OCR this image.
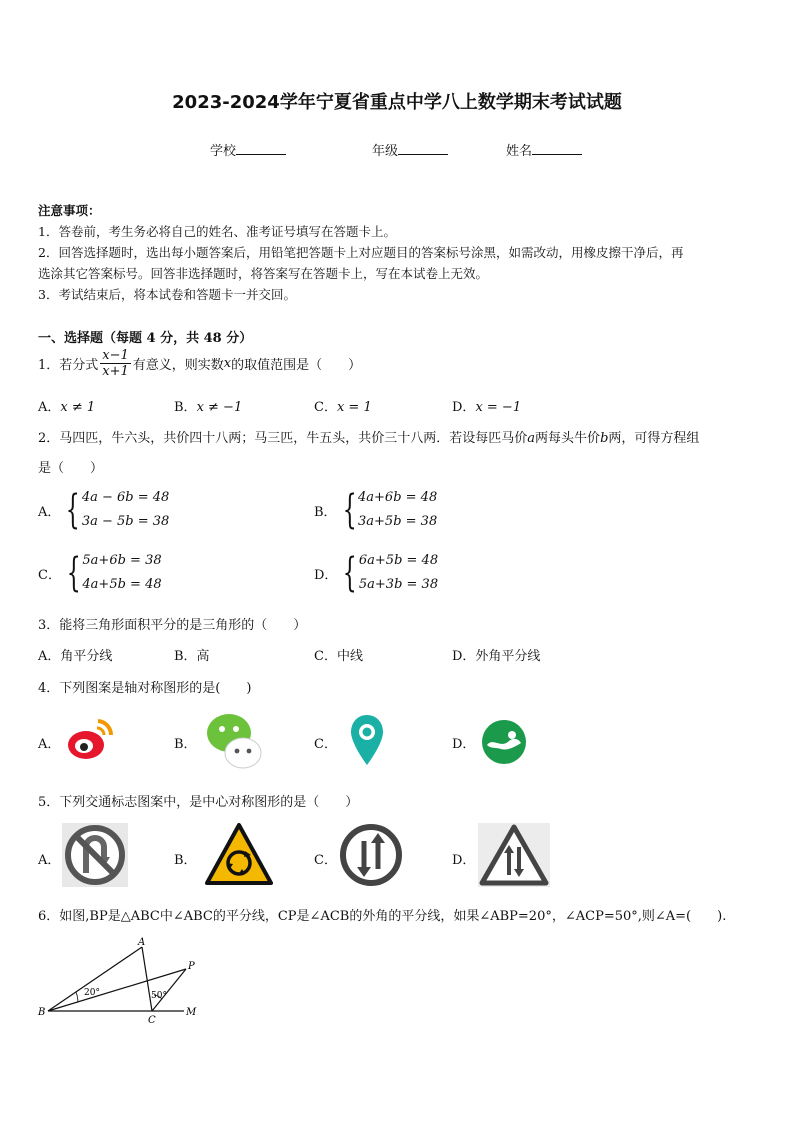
2023-2024学年宁夏省重点中学八上数学期末考试试题
学校	年级	姓名
注意事项：
1．答卷前，考生务必将自己的姓名、准考证号填写在答题卡上。
2．回答选择题时，选出每小题答案后，用铅笔把答题卡上对应题目的答案标号涂黑，如需改动，用橡皮擦干净后，再
选涂其它答案标号。回答非选择题时，将答案写在答题卡上，写在本试卷上无效。
3．考试结束后，将本试卷和答题卡一并交回。
一、选择题（每题 4 分，共 48 分）
1．若分式 $\frac{x-1}{x+1}$ 有意义，则实数 x 的取值范围是（　　）
A．x ≠ 1	B．x ≠ −1	C．x = 1	D．x = −1
2．马四匹，牛六头，共价四十八两；马三匹，牛五头，共价三十八两．若设每匹马价a两每头牛价b两，可得方程组
是（　　）
A． { 4a − 6b = 48
3a − 5b = 38
B． { 4a+6b = 48
3a+5b = 38
C． { 5a+6b = 38
4a+5b = 48
D． { 6a+5b = 48
5a+3b = 38
3．能将三角形面积平分的是三角形的（　　）
A．角平分线	B．高	C．中线	D．外角平分线
4．下列图案是轴对称图形的是(　　)
A．	B．	C．	D．
5．下列交通标志图案中，是中心对称图形的是（　　）
A．	B．	C．	D．
6．如图,BP是△ABC中∠ABC的平分线，CP是∠ACB的外角的平分线，如果∠ABP=20°，∠ACP=50°,则∠A=(　　).
A
B
C
P
M
20°	50°
